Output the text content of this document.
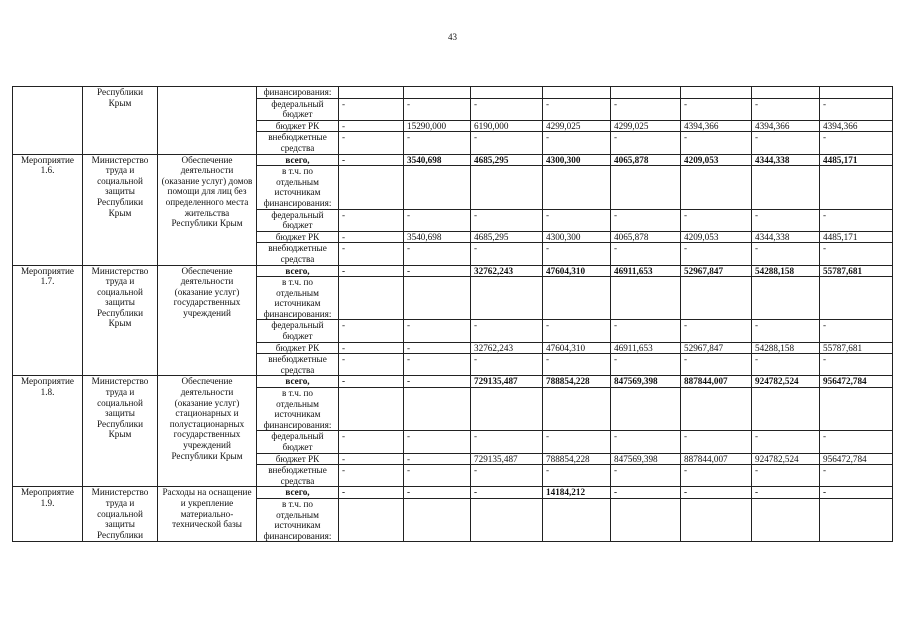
43
	Республики Крым		финансирования:								
			федеральный бюджет	-	-	-	-	-	-	-	-
			бюджет РК	-	15290,000	6190,000	4299,025	4299,025	4394,366	4394,366	4394,366
			внебюджетные средства	-	-	-	-	-	-	-	-
Мероприятие 1.6.	Министерство труда и социальной защиты Республики Крым	Обеспечение деятельности (оказание услуг) домов помощи для лиц без определенного места жительства Республики Крым	всего,	-	3540,698	4685,295	4300,300	4065,878	4209,053	4344,338	4485,171
			в т.ч. по отдельным источникам финансирования:								
			федеральный бюджет	-	-	-	-	-	-	-	-
			бюджет РК	-	3540,698	4685,295	4300,300	4065,878	4209,053	4344,338	4485,171
			внебюджетные средства	-	-	-	-	-	-	-	-
Мероприятие 1.7.	Министерство труда и социальной защиты Республики Крым	Обеспечение деятельности (оказание услуг) государственных учреждений	всего,	-	-	32762,243	47604,310	46911,653	52967,847	54288,158	55787,681
			в т.ч. по отдельным источникам финансирования:								
			федеральный бюджет	-	-	-	-	-	-	-	-
			бюджет РК	-	-	32762,243	47604,310	46911,653	52967,847	54288,158	55787,681
			внебюджетные средства	-	-	-	-	-	-	-	-
Мероприятие 1.8.	Министерство труда и социальной защиты Республики Крым	Обеспечение деятельности (оказание услуг) стационарных и полустационарных государственных учреждений Республики Крым	всего,	-	-	729135,487	788854,228	847569,398	887844,007	924782,524	956472,784
			в т.ч. по отдельным источникам финансирования:								
			федеральный бюджет	-	-	-	-	-	-	-	-
			бюджет РК	-	-	729135,487	788854,228	847569,398	887844,007	924782,524	956472,784
			внебюджетные средства	-	-	-	-	-	-	-	-
Мероприятие 1.9.	Министерство труда и социальной защиты Республики	Расходы на оснащение и укрепление материально-технической базы	всего,	-	-	-	14184,212	-	-	-	-
			в т.ч. по отдельным источникам финансирования:								
